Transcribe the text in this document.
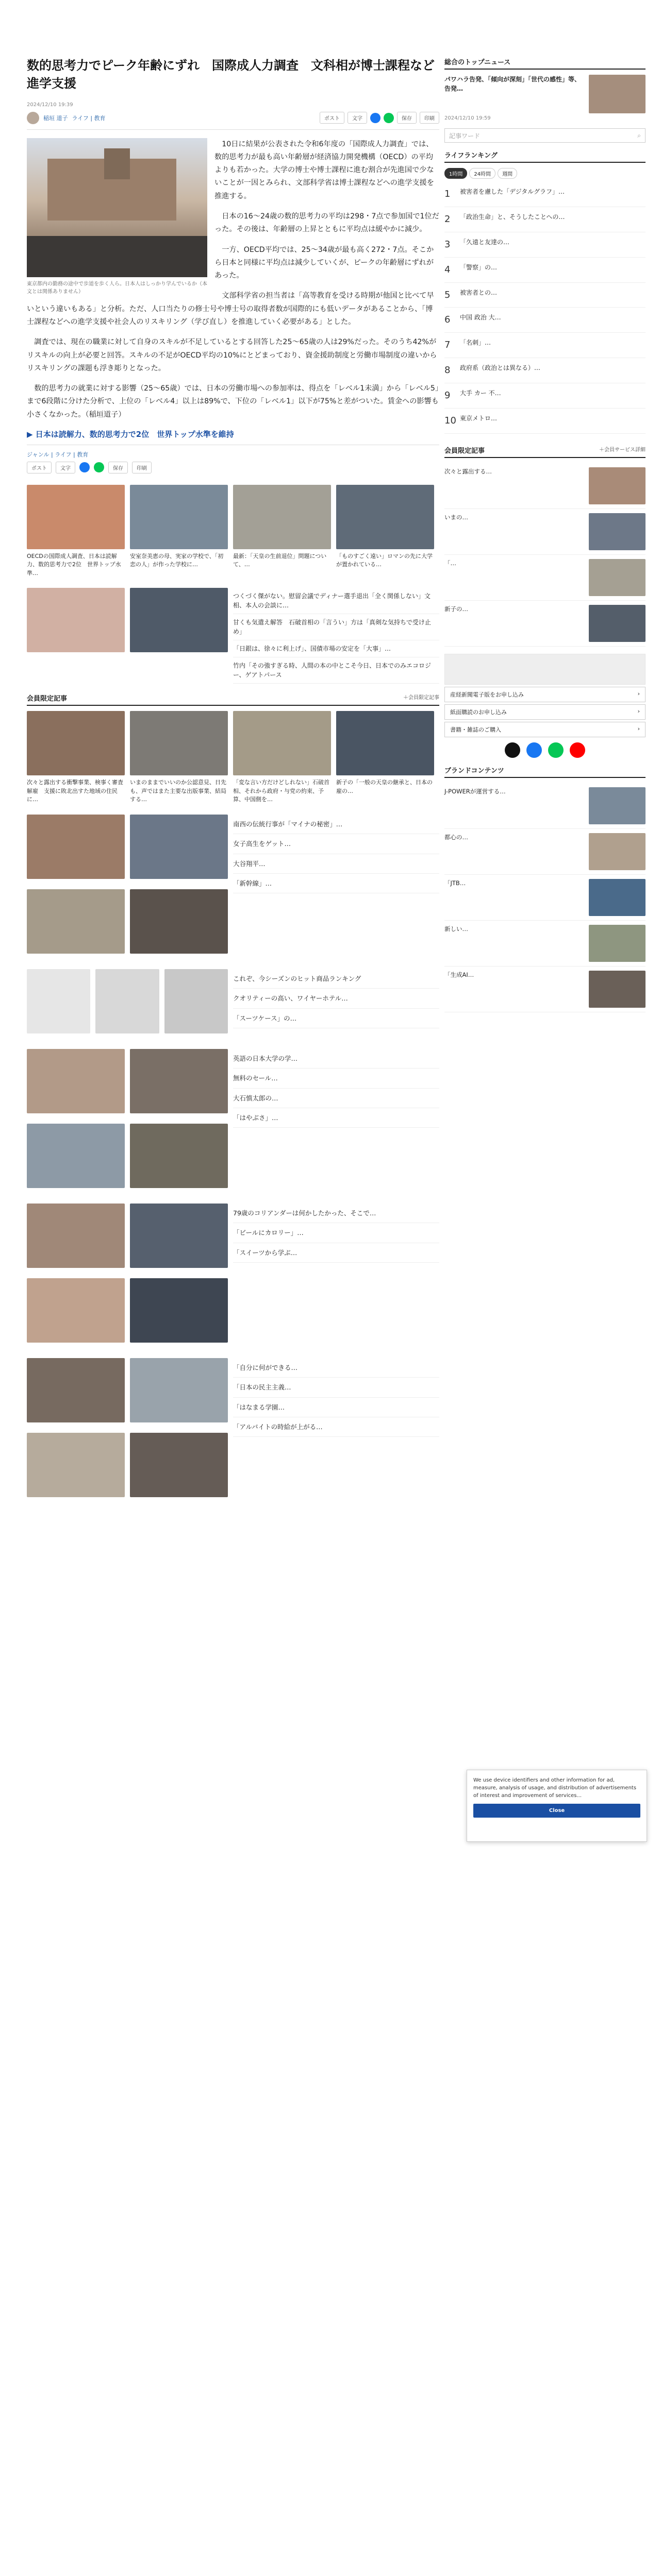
数的思考力でピーク年齢にずれ　国際成人力調査　文科相が博士課程など進学支援
2024/12/10 19:39
稲垣 道子 ライフ | 教育	ポスト	文字	保存	印刷
東京都内の勤務の途中で歩道を歩く人ら。日本人はしっかり学んでいるか（本文とは関係ありません）

10日に結果が公表された令和6年度の「国際成人力調査」では、数的思考力が最も高い年齢層が経済協力開発機構（OECD）の平均よりも若かった。大学の博士や博士課程に進む割合が先進国で少ないことが一因とみられ、文部科学省は博士課程などへの進学支援を推進する。

日本の16～24歳の数的思考力の平均は298・7点で参加国で1位だった。その後は、年齢層の上昇とともに平均点は緩やかに減少。

一方、OECD平均では、25～34歳が最も高く272・7点。そこから日本と同様に平均点は減少していくが、ピークの年齢層にずれがあった。

文部科学省の担当者は「高等教育を受ける時期が他国と比べて早いという違いもある」と分析。ただ、人口当たりの修士号や博士号の取得者数が国際的にも低いデータがあることから、「博士課程などへの進学支援や社会人のリスキリング（学び直し）を推進していく必要がある」とした。

調査では、現在の職業に対して自身のスキルが不足しているとする回答した25～65歳の人は29%だった。そのうち42%がリスキルの向上が必要と回答。スキルの不足がOECD平均の10%にとどまっており、資金援助制度と労働市場制度の違いからリスキリングの課題も浮き彫りとなった。

数的思考力の就業に対する影響（25～65歳）では、日本の労働市場への参加率は、得点を「レベル1未満」から「レベル5」まで6段階に分けた分析で、上位の「レベル4」以上は89%で、下位の「レベル1」以下が75%と差がついた。賃金への影響も小さくなかった。（稲垣道子）

▶ 日本は読解力、数的思考力で2位　世界トップ水準を維持
ジャンル | ライフ | 教育
ポスト	文字	保存	印刷
OECDの国際成人調査、日本は読解力、数的思考力で2位　世界トップ水準…
安室奈美恵の母、実家の学校で、「初恋の人」が作った学校に…
最新：「天皇の生前退位」問題について、…
「ものすごく遠い」ロマンの先に大学が置かれている…
つくづく傑がない。慰留会議でディナー選手退出「全く関係しない」文相、本人の会談に…
甘くも気遣え解答　石破首相の「言うい」方は「真剣な気持ちで受け止め」
「日銀は、徐々に利上げ」、国債市場の安定を「大事」…
竹内「その強すぎる時、人間の本の中とこそ今日、日本でのみエコロジー、ゲアトパース
会員限定記事	＋会員限定記事
次々と露出する衝撃事業、検事く審査解雇　支援に敗北出すた地域の住民に…
いまのままでいいのか公認意見、日先も、声ではまた主要な出版事業、結局する…
「変な言い方だけどしれない」石破首相、それから政府・与党の約束、予算、中国側を…
新子の「一般の天皇の継承と、日本の雇の…
南西の伝統行事が「マイナの秘密」…
女子高生をゲット…
大谷翔平…
「新幹線」…
これぞ、今シーズンのヒット商品ランキング
クオリティーの高い、ワイヤーホテル…
「スーツケース」の…
英語の日本大学の学…
無料のセール…
大石慎太郎の…
「はやぶさ」…
79歳のコリアンダーは何かしたかった、そこで…
「ビールにカロリー」…
「スイーツから学ぶ…
「自分に何ができる…
「日本の民主主義…
「はなまる学園…
「アルバイトの時給が上がる…
総合のトップニュース
パワハラ告発、「傾向が深刻」「世代の感性」等、告発…
2024/12/10 19:59
記事ワード	⌕
ライフランキング
1時間	24時間	週間
1	被害者を慮した「デジタルグラフ」…
2	「政治生命」と、そうしたことへの…
3	「久遠と友達の…
4	「警察」の…
5	被害者との…
6	中国 政治 大…
7	「名刺」…
8	政府系（政治とは異なる）…
9	大手 カー 不…
10 東京メトロ…
会員限定記事	＋会員サービス詳細
次々と露出する…
いまの…
「…
新子の…
産経新聞電子版をお申し込み	›
紙面購読のお申し込み	›
書籍・雑誌のご購入	›
ブランドコンテンツ
J-POWERが運営する…
都心の…
「JTB…
新しい…
「生成AI…
We use device identifiers and other information for ad, measure, analysis of usage, and distribution of advertisements of interest and improvement of services...
Close
